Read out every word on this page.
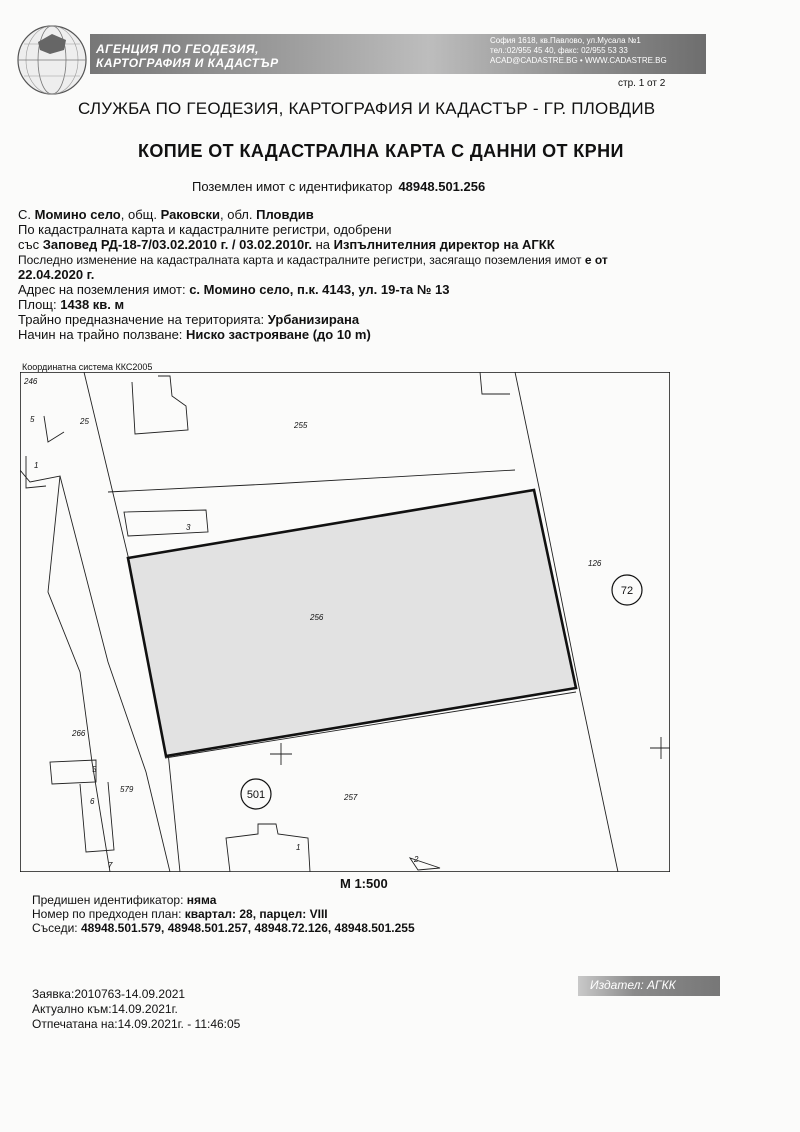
АГЕНЦИЯ ПО ГЕОДЕЗИЯ,
КАРТОГРАФИЯ И КАДАСТЪР
София 1618, кв.Павлово, ул.Мусала №1
тел.:02/955 45 40, факс: 02/955 53 33
ACAD@CADASTRE.BG • WWW.CADASTRE.BG
стр. 1 от 2
СЛУЖБА ПО ГЕОДЕЗИЯ, КАРТОГРАФИЯ И КАДАСТЪР - ГР. ПЛОВДИВ
КОПИЕ ОТ КАДАСТРАЛНА КАРТА С ДАННИ ОТ КРНИ
Поземлен имот с идентификатор 48948.501.256
С. Момино село, общ. Раковски, обл. Пловдив
По кадастралната карта и кадастралните регистри, одобрени
със Заповед РД-18-7/03.02.2010 г. / 03.02.2010г. на Изпълнителния директор на АГКК
Последно изменение на кадастралната карта и кадастралните регистри, засягащо поземления имот е от
22.04.2020 г.
Адрес на поземления имот: с. Момино село, п.к. 4143, ул. 19-та № 13
Площ: 1438 кв. м
Трайно предназначение на територията: Урбанизирана
Начин на трайно ползване: Ниско застрояване (до 10 m)
Координатна система ККС2005
256
255
257
126
266
579
3
5
6
1
2
1
7
5	25
246
72
501
М 1:500
Предишен идентификатор: няма
Номер по предходен план: квартал: 28, парцел: VIII
Съседи: 48948.501.579, 48948.501.257, 48948.72.126, 48948.501.255
Издател: АГКК
Заявка:2010763-14.09.2021
Актуално към:14.09.2021г.
Отпечатана на:14.09.2021г. - 11:46:05
